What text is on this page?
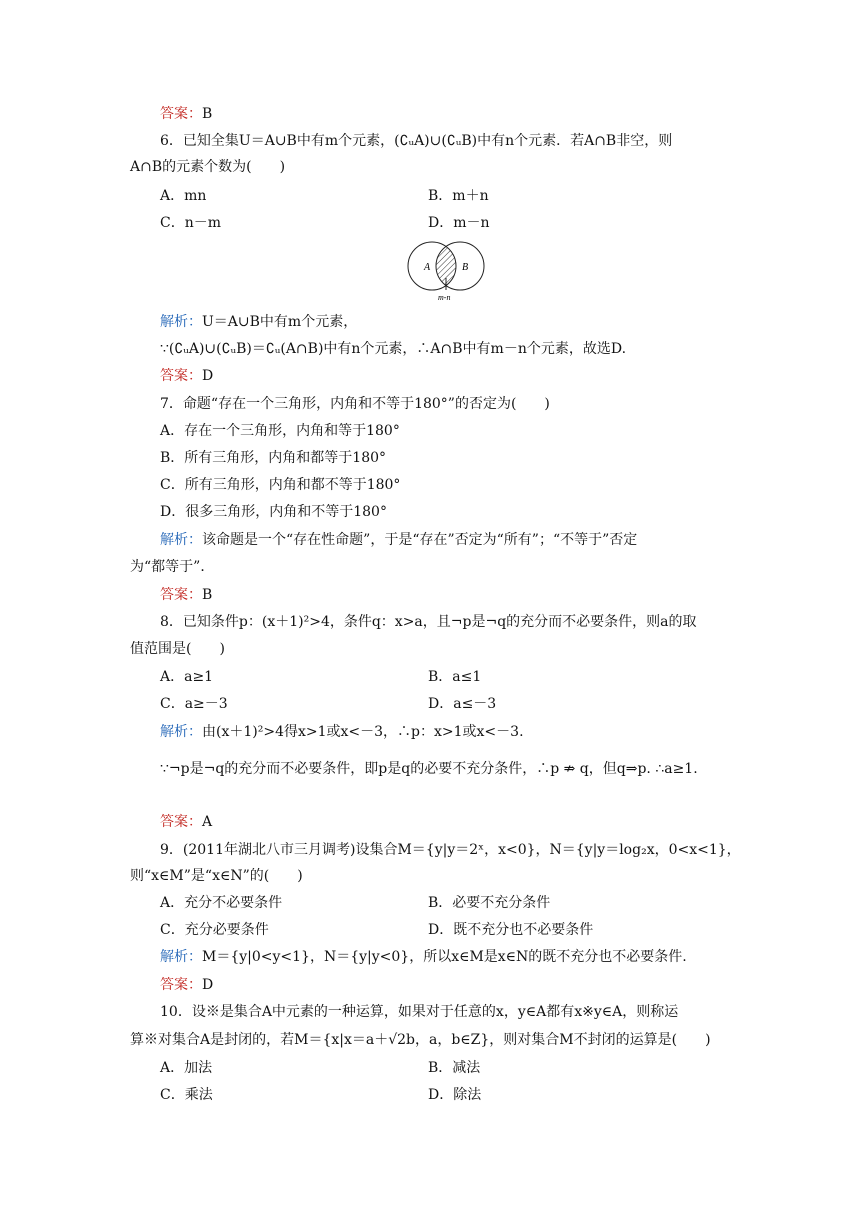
A	B
m-n
答案：B
6．已知全集U＝A∪B中有m个元素，(∁ᵤA)∪(∁ᵤB)中有n个元素．若A∩B非空，则
A∩B的元素个数为(　　)
A．mn	B．m＋n
C．n－m	D．m－n
解析：U＝A∪B中有m个元素，
∵(∁ᵤA)∪(∁ᵤB)＝∁ᵤ(A∩B)中有n个元素，∴A∩B中有m－n个元素，故选D.
答案：D
7．命题“存在一个三角形，内角和不等于180°”的否定为(　　)
A．存在一个三角形，内角和等于180°
B．所有三角形，内角和都等于180°
C．所有三角形，内角和都不等于180°
D．很多三角形，内角和不等于180°
解析：该命题是一个“存在性命题”，于是“存在”否定为“所有”；“不等于”否定
为“都等于”．
答案：B
8．已知条件p：(x＋1)²>4，条件q：x>a，且¬p是¬q的充分而不必要条件，则a的取
值范围是(　　)
A．a≥1	B．a≤1
C．a≥－3	D．a≤－3
解析：由(x＋1)²>4得x>1或x<－3，∴p：x>1或x<－3.
∵¬p是¬q的充分而不必要条件，即p是q的必要不充分条件，∴p ⇏ q，但q⇒p. ∴a≥1.
答案：A
9．(2011年湖北八市三月调考)设集合M＝{y|y＝2ˣ，x<0}，N＝{y|y＝log₂x，0<x<1}，
则“x∈M”是“x∈N”的(　　)
A．充分不必要条件	B．必要不充分条件
C．充分必要条件	D．既不充分也不必要条件
解析：M＝{y|0<y<1}，N＝{y|y<0}，所以x∈M是x∈N的既不充分也不必要条件.
答案：D
10．设※是集合A中元素的一种运算，如果对于任意的x，y∈A都有x※y∈A，则称运
算※对集合A是封闭的，若M＝{x|x＝a＋√2b，a，b∈Z}，则对集合M不封闭的运算是(　　)
A．加法	B．减法
C．乘法	D．除法
